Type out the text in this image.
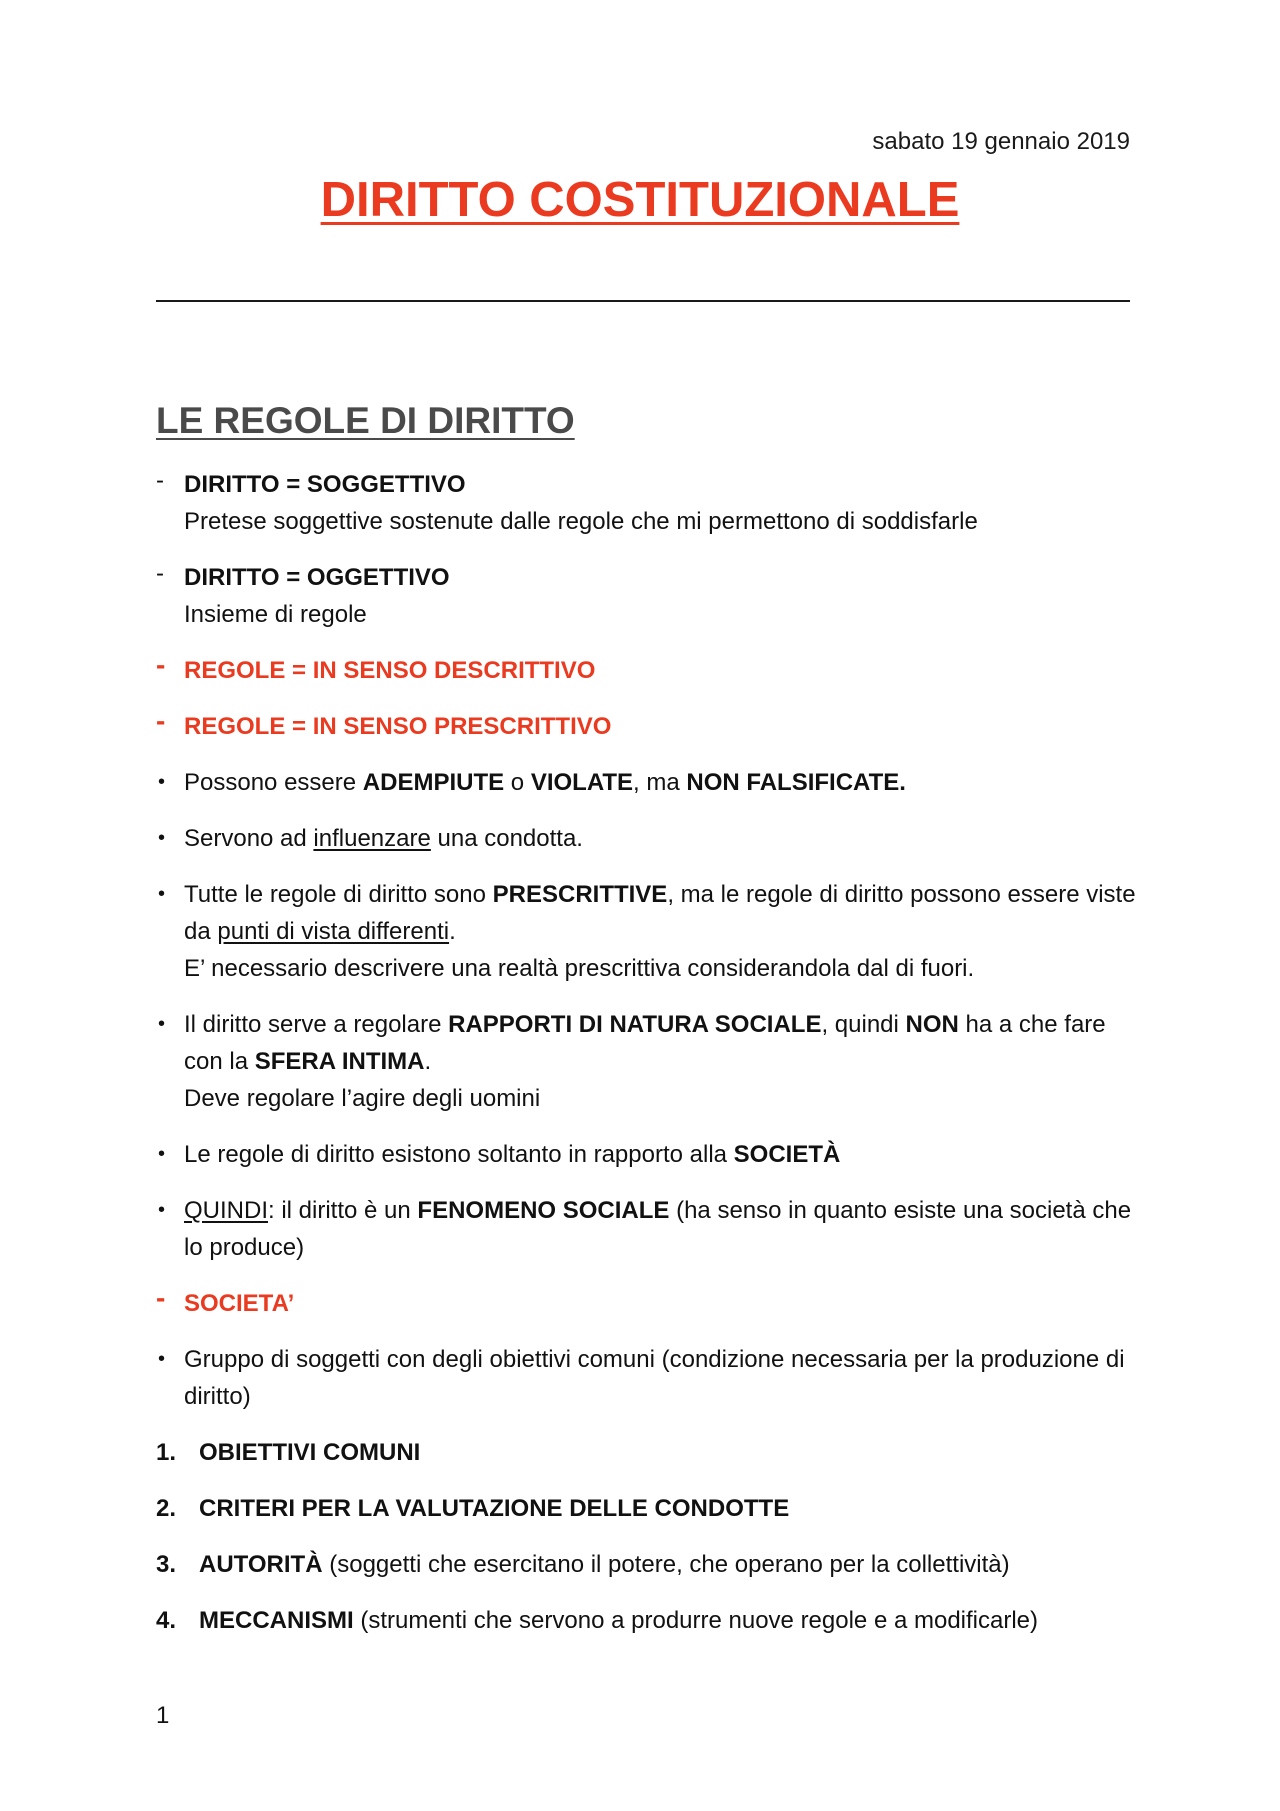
sabato 19 gennaio 2019
DIRITTO COSTITUZIONALE
LE REGOLE DI DIRITTO
- DIRITTO = SOGGETTIVO
Pretese soggettive sostenute dalle regole che mi permettono di soddisfarle
- DIRITTO = OGGETTIVO
Insieme di regole
- REGOLE = IN SENSO DESCRITTIVO
- REGOLE = IN SENSO PRESCRITTIVO
• Possono essere ADEMPIUTE o VIOLATE, ma NON FALSIFICATE.
• Servono ad influenzare una condotta.
• Tutte le regole di diritto sono PRESCRITTIVE, ma le regole di diritto possono essere viste da punti di vista differenti.
E’ necessario descrivere una realtà prescrittiva considerandola dal di fuori.
• Il diritto serve a regolare RAPPORTI DI NATURA SOCIALE, quindi NON ha a che fare con la SFERA INTIMA.
Deve regolare l’agire degli uomini
• Le regole di diritto esistono soltanto in rapporto alla SOCIETÀ
• QUINDI: il diritto è un FENOMENO SOCIALE (ha senso in quanto esiste una società che lo produce)
- SOCIETA’
• Gruppo di soggetti con degli obiettivi comuni (condizione necessaria per la produzione di diritto)
1. OBIETTIVI COMUNI
2. CRITERI PER LA VALUTAZIONE DELLE CONDOTTE
3. AUTORITÀ (soggetti che esercitano il potere, che operano per la collettività)
4. MECCANISMI (strumenti che servono a produrre nuove regole e a modificarle)
1
